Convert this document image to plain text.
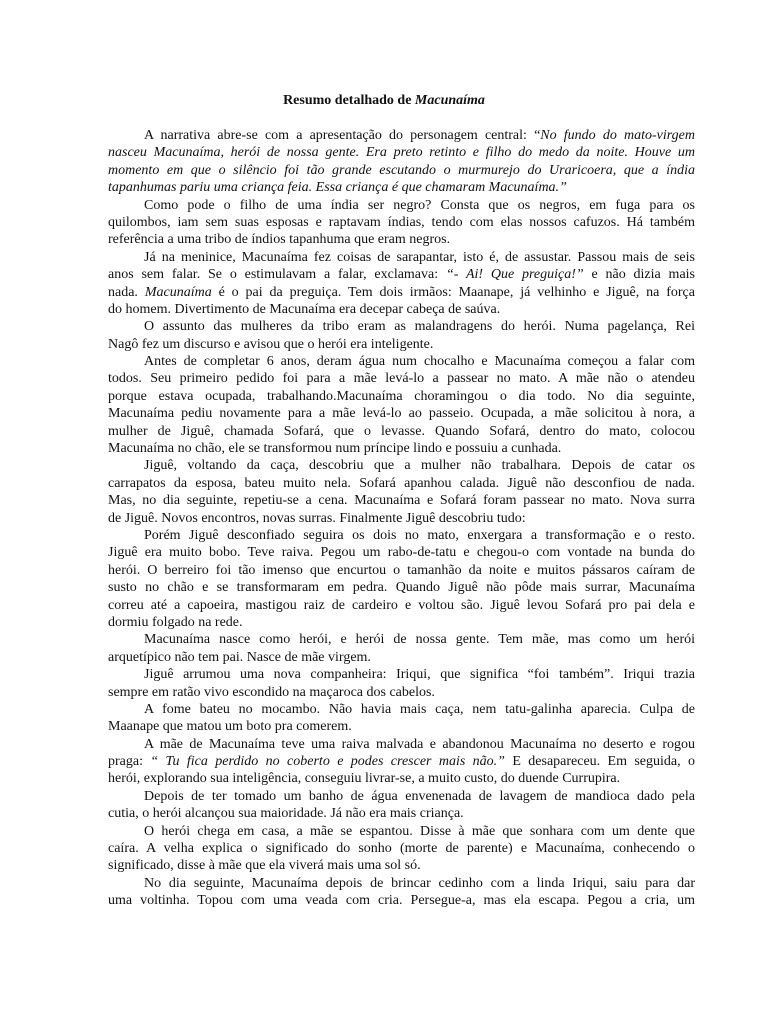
Resumo detalhado de Macunaíma
A narrativa abre-se com a apresentação do personagem central: “No fundo do mato-virgem
nasceu Macunaíma, herói de nossa gente. Era preto retinto e filho do medo da noite. Houve um
momento em que o silêncio foi tão grande escutando o murmurejo do Uraricoera, que a índia
tapanhumas pariu uma criança feia. Essa criança é que chamaram Macunaíma.”
Como pode o filho de uma índia ser negro? Consta que os negros, em fuga para os
quilombos, iam sem suas esposas e raptavam índias, tendo com elas nossos cafuzos. Há também
referência a uma tribo de índios tapanhuma que eram negros.
Já na meninice, Macunaíma fez coisas de sarapantar, isto é, de assustar. Passou mais de seis
anos sem falar. Se o estimulavam a falar, exclamava: “- Ai! Que preguiça!” e não dizia mais
nada. Macunaíma é o pai da preguiça. Tem dois irmãos: Maanape, já velhinho e Jiguê, na força
do homem. Divertimento de Macunaíma era decepar cabeça de saúva.
O assunto das mulheres da tribo eram as malandragens do herói. Numa pagelança, Rei
Nagô fez um discurso e avisou que o herói era inteligente.
Antes de completar 6 anos, deram água num chocalho e Macunaíma começou a falar com
todos. Seu primeiro pedido foi para a mãe levá-lo a passear no mato. A mãe não o atendeu
porque estava ocupada, trabalhando.Macunaíma choramingou o dia todo. No dia seguinte,
Macunaíma pediu novamente para a mãe levá-lo ao passeio. Ocupada, a mãe solicitou à nora, a
mulher de Jiguê, chamada Sofará, que o levasse. Quando Sofará, dentro do mato, colocou
Macunaíma no chão, ele se transformou num príncipe lindo e possuiu a cunhada.
Jiguê, voltando da caça, descobriu que a mulher não trabalhara. Depois de catar os
carrapatos da esposa, bateu muito nela. Sofará apanhou calada. Jiguê não desconfiou de nada.
Mas, no dia seguinte, repetiu-se a cena. Macunaíma e Sofará foram passear no mato. Nova surra
de Jiguê. Novos encontros, novas surras. Finalmente Jiguê descobriu tudo:
Porém Jiguê desconfiado seguira os dois no mato, enxergara a transformação e o resto.
Jiguê era muito bobo. Teve raiva. Pegou um rabo-de-tatu e chegou-o com vontade na bunda do
herói. O berreiro foi tão imenso que encurtou o tamanhão da noite e muitos pássaros caíram de
susto no chão e se transformaram em pedra. Quando Jiguê não pôde mais surrar, Macunaíma
correu até a capoeira, mastigou raiz de cardeiro e voltou são. Jiguê levou Sofará pro pai dela e
dormiu folgado na rede.
Macunaíma nasce como herói, e herói de nossa gente. Tem mãe, mas como um herói
arquetípico não tem pai. Nasce de mãe virgem.
Jiguê arrumou uma nova companheira: Iriqui, que significa “foi também”. Iriqui trazia
sempre em ratão vivo escondido na maçaroca dos cabelos.
A fome bateu no mocambo. Não havia mais caça, nem tatu-galinha aparecia. Culpa de
Maanape que matou um boto pra comerem.
A mãe de Macunaíma teve uma raiva malvada e abandonou Macunaíma no deserto e rogou
praga: “ Tu fica perdido no coberto e podes crescer mais não.” E desapareceu. Em seguida, o
herói, explorando sua inteligência, conseguiu livrar-se, a muito custo, do duende Currupira.
Depois de ter tomado um banho de água envenenada de lavagem de mandioca dado pela
cutia, o herói alcançou sua maioridade. Já não era mais criança.
O herói chega em casa, a mãe se espantou. Disse à mãe que sonhara com um dente que
caíra. A velha explica o significado do sonho (morte de parente) e Macunaíma, conhecendo o
significado, disse à mãe que ela viverá mais uma sol só.
No dia seguinte, Macunaíma depois de brincar cedinho com a linda Iriqui, saiu para dar
uma voltinha. Topou com uma veada com cria. Persegue-a, mas ela escapa. Pegou a cria, um
